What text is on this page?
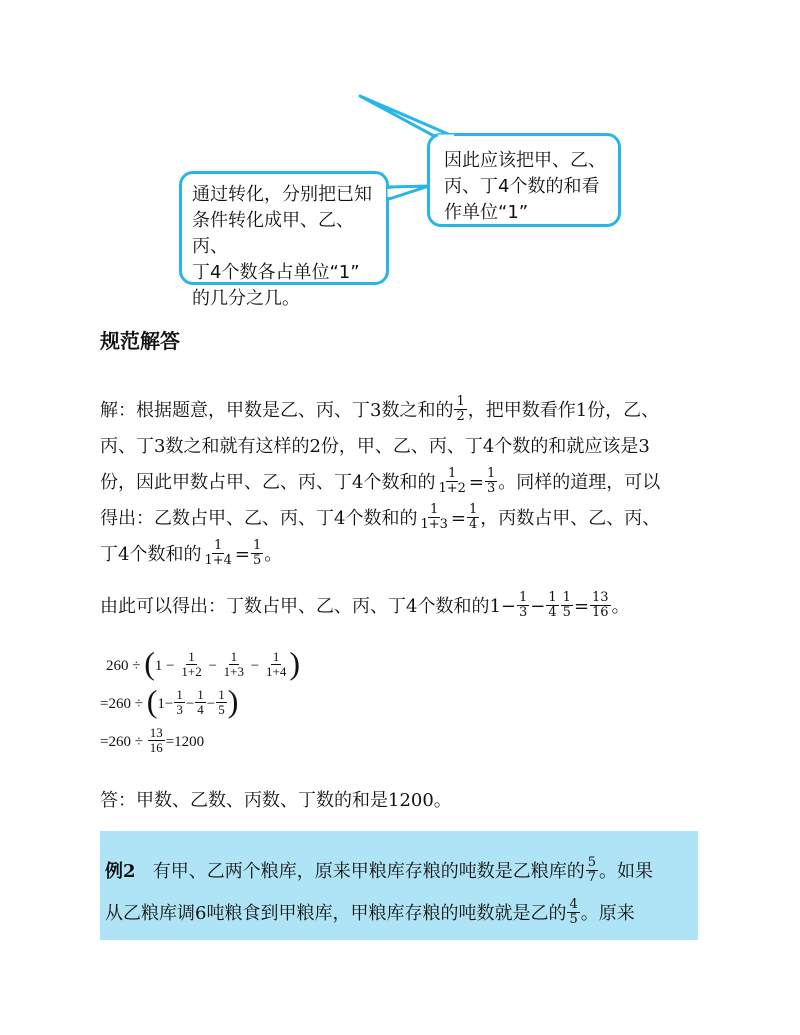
因此应该把甲、乙、
丙、丁4个数的和看
作单位“1”
通过转化，分别把已知
条件转化成甲、乙、丙、
丁4个数各占单位“1”
的几分之几。
规范解答
解：根据题意，甲数是乙、丙、丁3数之和的 $\frac{1}{2}$ ，把甲数看作1份，乙、
丙、丁3数之和就有这样的2份，甲、乙、丙、丁4个数的和就应该是3
份，因此甲数占甲、乙、丙、丁4个数和的 $\frac{1}{1+2} = \frac{1}{3}$ 。同样的道理，可以
得出：乙数占甲、乙、丙、丁4个数和的 $\frac{1}{1+3} = \frac{1}{4}$ ，丙数占甲、乙、丙、
丁4个数和的 $\frac{1}{1+4} = \frac{1}{5}$ 。
由此可以得出：丁数占甲、乙、丙、丁4个数和的$1- \frac{1}{3} - \frac{1}{4} \frac{1}{5} = \frac{13}{16}$ 。
$260 \div (1 - \frac{1}{1+2} - \frac{1}{1+3} - \frac{1}{1+4}$ )
$=260 \div (1- \frac{1}{3} - \frac{1}{4} - \frac{1}{5}$ )
$=260 \div \frac{13}{16} =1200$
答：甲数、乙数、丙数、丁数的和是1200。
例2 有甲、乙两个粮库，原来甲粮库存粮的吨数是乙粮库的 $\frac{5}{7}$ 。如果
从乙粮库调6吨粮食到甲粮库，甲粮库存粮的吨数就是乙的 $\frac{4}{5}$ 。原来
